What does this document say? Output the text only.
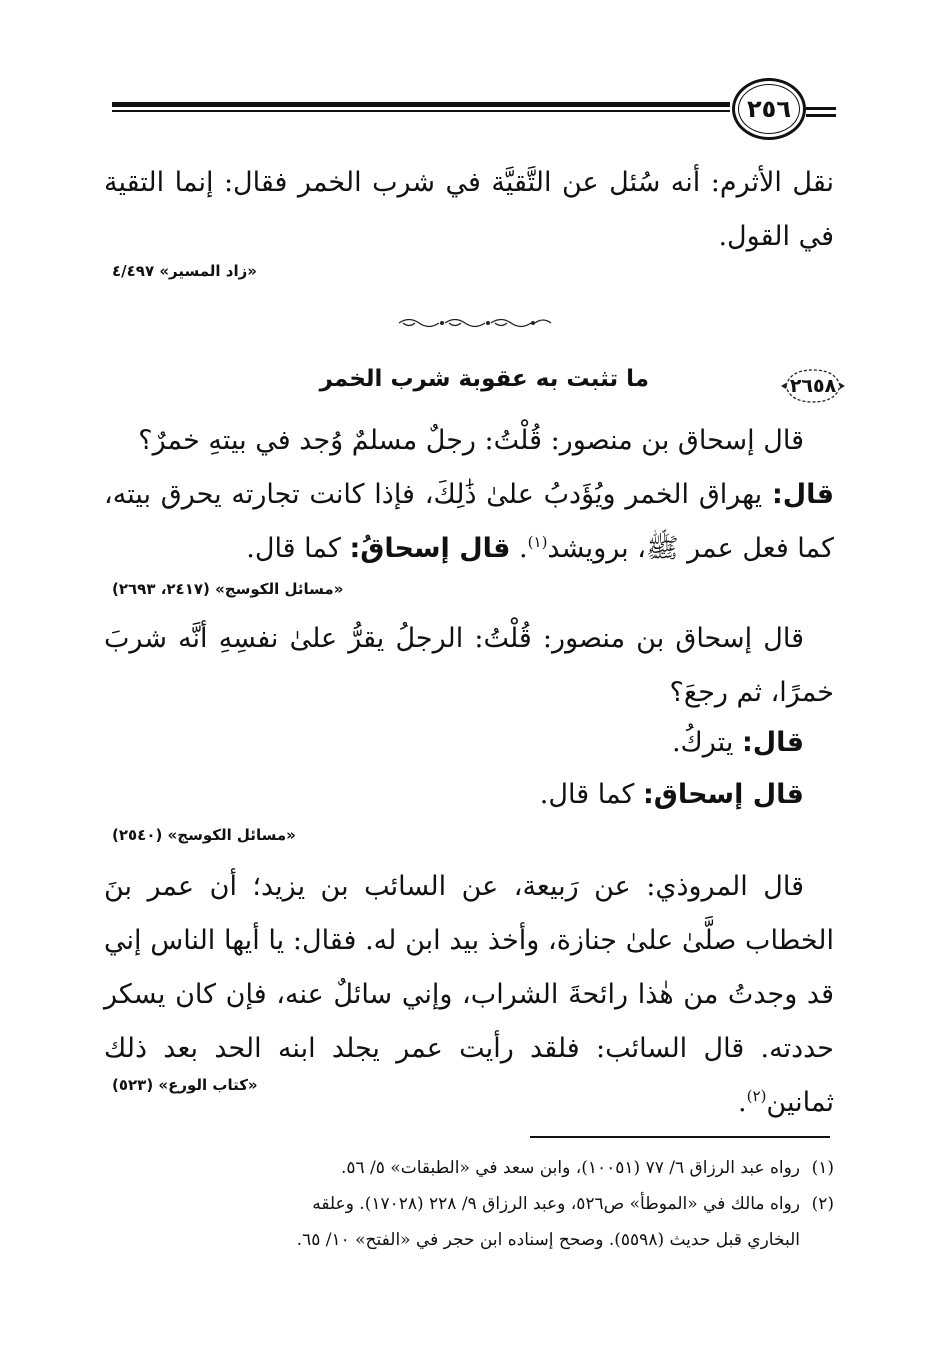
٢٥٦
نقل الأثرم: أنه سُئل عن التَّقيَّة في شرب الخمر فقال: إنما التقية في القول.
«زاد المسير» ٤/٤٩٧
٢٦٥٨
ما تثبت به عقوبة شرب الخمر
قال إسحاق بن منصور: قُلْتُ: رجلٌ مسلمٌ وُجد في بيتهِ خمرٌ؟
قال: يهراق الخمر ويُؤَدبُ علىٰ ذَٰلِكَ، فإذا كانت تجارته يحرق بيته، كما فعل عمر ﷺ، برويشد$^{(١)}$. قال إسحاقُ: كما قال.
«مسائل الكوسج» (٢٤١٧، ٢٦٩٣)
قال إسحاق بن منصور: قُلْتُ: الرجلُ يقرُّ علىٰ نفسِهِ أنَّه شربَ خمرًا، ثم رجعَ؟
قال: يتركُ.
قال إسحاق: كما قال.
«مسائل الكوسج» (٢٥٤٠)
قال المروذي: عن رَبيعة، عن السائب بن يزيد؛ أن عمر بنَ الخطاب صلَّىٰ علىٰ جنازة، وأخذ بيد ابن له. فقال: يا أيها الناس إني قد وجدتُ من هٰذا رائحةَ الشراب، وإني سائلٌ عنه، فإن كان يسكر حددته. قال السائب: فلقد رأيت عمر يجلد ابنه الحد بعد ذلك ثمانين$^{(٢)}$.
«كتاب الورع» (٥٢٣)
(١)رواه عبد الرزاق ٦/ ٧٧ (١٠٠٥١)، وابن سعد في «الطبقات» ٥/ ٥٦.
(٢)رواه مالك في «الموطأ» ص٥٢٦، وعبد الرزاق ٩/ ٢٢٨ (١٧٠٢٨). وعلقه
البخاري قبل حديث (٥٥٩٨). وصحح إسناده ابن حجر في «الفتح» ١٠/ ٦٥.
